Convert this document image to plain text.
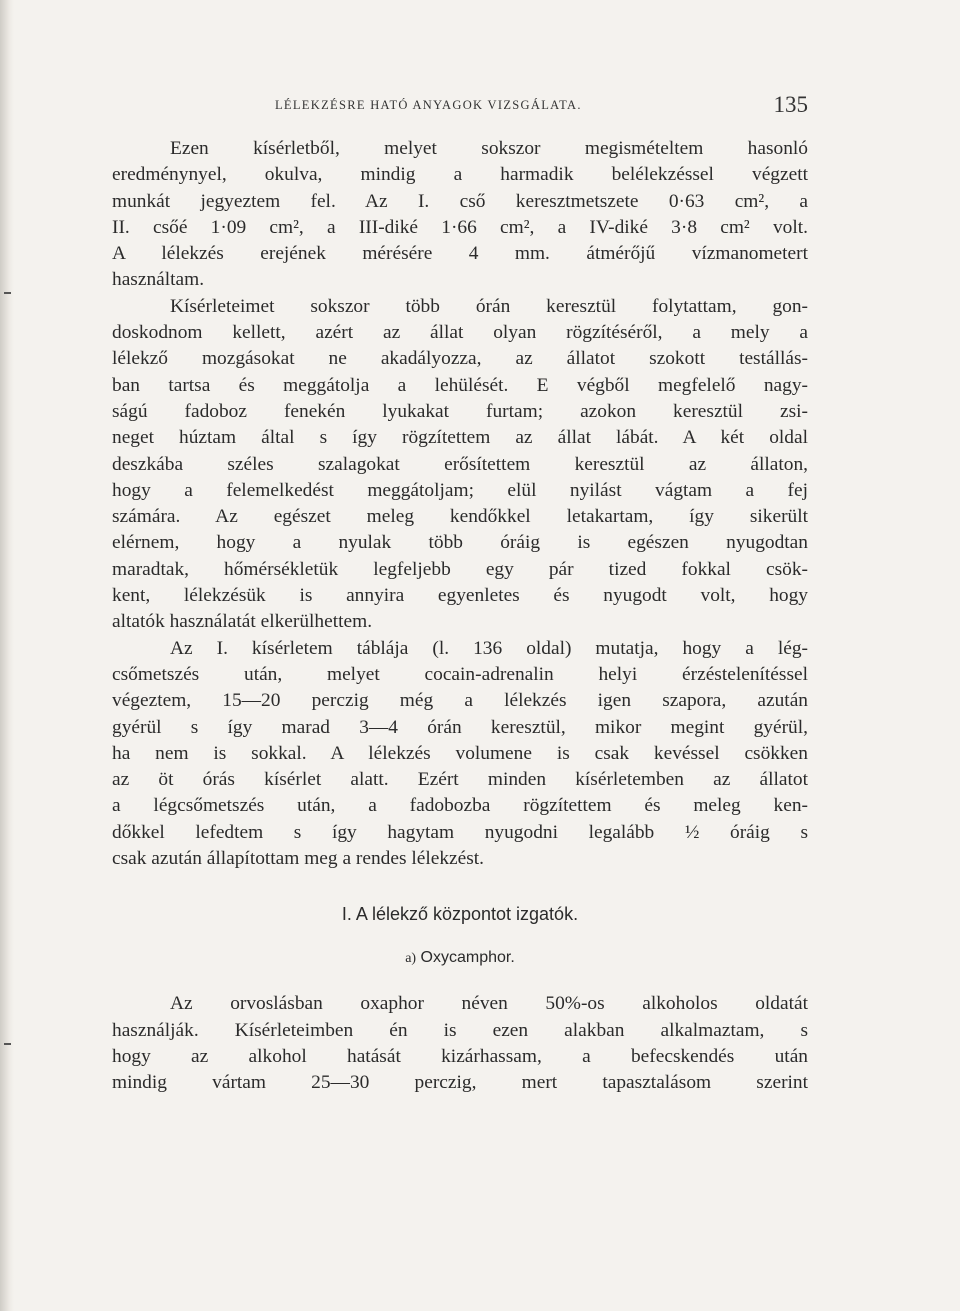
LÉLEKZÉSRE HATÓ ANYAGOK VIZSGÁLATA.	135
Ezen kísérletből, melyet sokszor megismételtem hasonló
eredménynyel, okulva, mindig a harmadik belélekzéssel végzett
munkát jegyeztem fel. Az I. cső keresztmetszete 0·63 cm², a
II. csőé 1·09 cm², a III-diké 1·66 cm², a IV-diké 3·8 cm² volt.
A lélekzés erejének mérésére 4 mm. átmérőjű vízmanometert
használtam.
Kísérleteimet sokszor több órán keresztül folytattam, gon-
doskodnom kellett, azért az állat olyan rögzítéséről, a mely a
lélekző mozgásokat ne akadályozza, az állatot szokott testállás-
ban tartsa és meggátolja a lehülését. E végből megfelelő nagy-
ságú fadoboz fenekén lyukakat furtam; azokon keresztül zsi-
neget húztam által s így rögzítettem az állat lábát. A két oldal
deszkába széles szalagokat erősítettem keresztül az állaton,
hogy a felemelkedést meggátoljam; elül nyilást vágtam a fej
számára. Az egészet meleg kendőkkel letakartam, így sikerült
elérnem, hogy a nyulak több óráig is egészen nyugodtan
maradtak, hőmérsékletük legfeljebb egy pár tized fokkal csök-
kent, lélekzésük is annyira egyenletes és nyugodt volt, hogy
altatók használatát elkerülhettem.
Az I. kísérletem táblája (l. 136 oldal) mutatja, hogy a lég-
csőmetszés után, melyet cocain-adrenalin helyi érzéstelenítéssel
végeztem, 15—20 perczig még a lélekzés igen szapora, azután
gyérül s így marad 3—4 órán keresztül, mikor megint gyérül,
ha nem is sokkal. A lélekzés volumene is csak kevéssel csökken
az öt órás kísérlet alatt. Ezért minden kísérletemben az állatot
a légcsőmetszés után, a fadobozba rögzítettem és meleg ken-
dőkkel lefedtem s így hagytam nyugodni legalább ½ óráig s
csak azután állapítottam meg a rendes lélekzést.
I. A lélekző központot izgatók.
a) Oxycamphor.
Az orvoslásban oxaphor néven 50%-os alkoholos oldatát
használják. Kísérleteimben én is ezen alakban alkalmaztam, s
hogy az alkohol hatását kizárhassam, a befecskendés után
mindig vártam 25—30 perczig, mert tapasztalásom szerint
